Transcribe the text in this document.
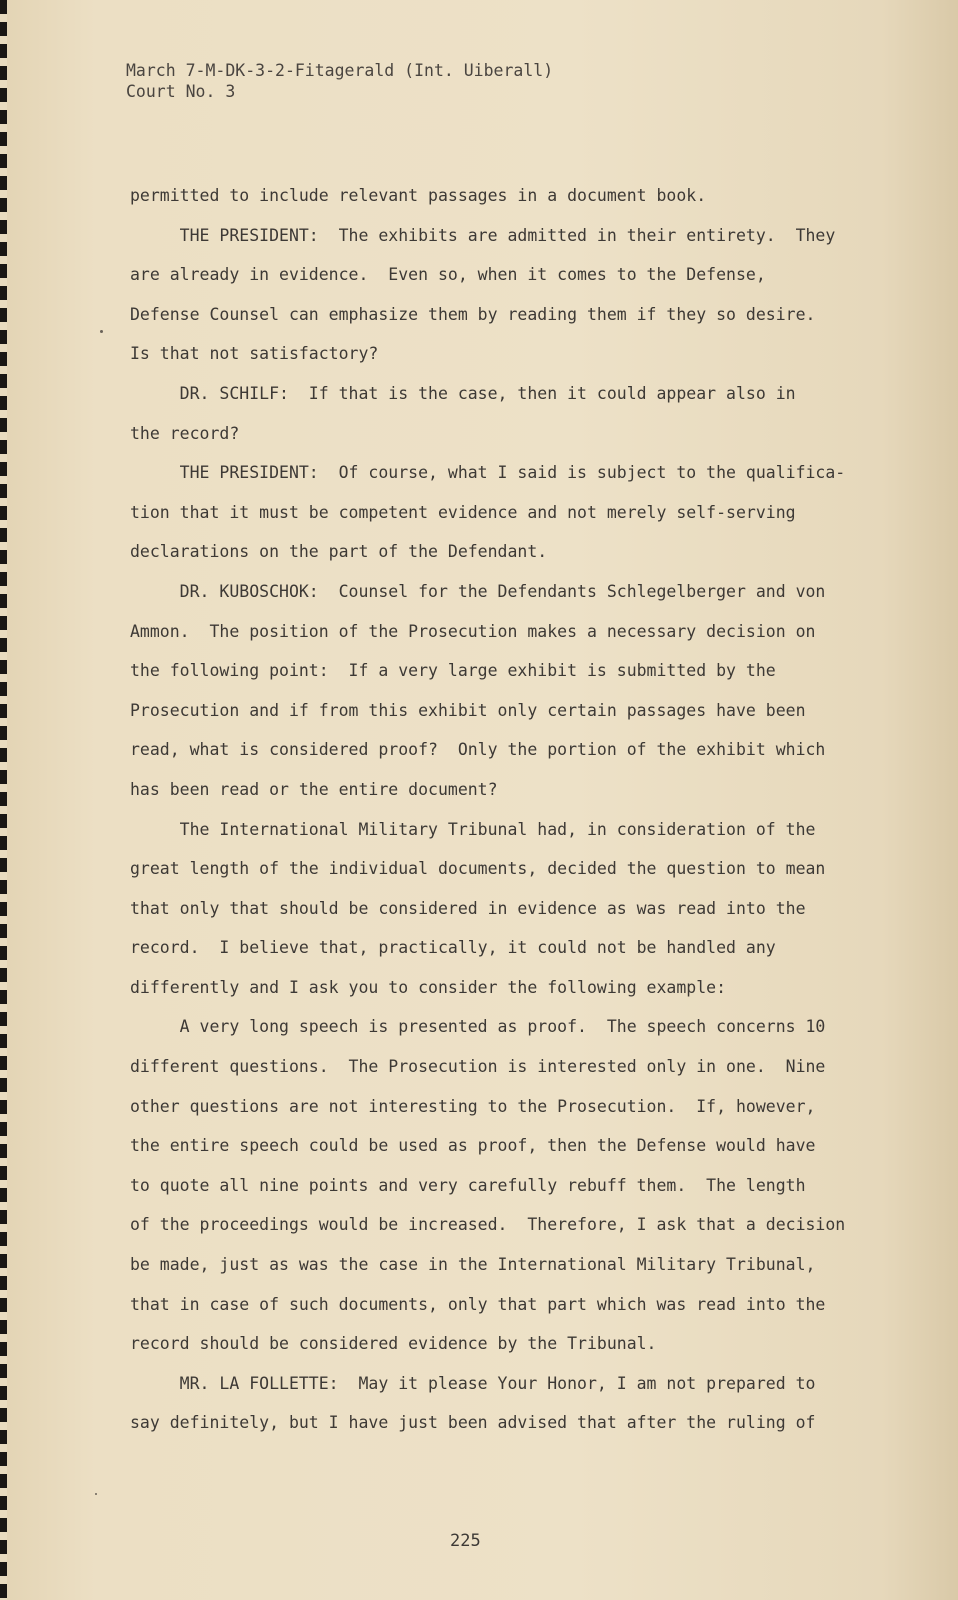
March 7-M-DK-3-2-Fitagerald (Int. Uiberall)
Court No. 3
permitted to include relevant passages in a document book.
THE PRESIDENT:  The exhibits are admitted in their entirety.  They
are already in evidence.  Even so, when it comes to the Defense,
Defense Counsel can emphasize them by reading them if they so desire.
Is that not satisfactory?
DR. SCHILF:  If that is the case, then it could appear also in
the record?
THE PRESIDENT:  Of course, what I said is subject to the qualifica-
tion that it must be competent evidence and not merely self-serving
declarations on the part of the Defendant.
DR. KUBOSCHOK:  Counsel for the Defendants Schlegelberger and von
Ammon.  The position of the Prosecution makes a necessary decision on
the following point:  If a very large exhibit is submitted by the
Prosecution and if from this exhibit only certain passages have been
read, what is considered proof?  Only the portion of the exhibit which
has been read or the entire document?
The International Military Tribunal had, in consideration of the
great length of the individual documents, decided the question to mean
that only that should be considered in evidence as was read into the
record.  I believe that, practically, it could not be handled any
differently and I ask you to consider the following example:
A very long speech is presented as proof.  The speech concerns 10
different questions.  The Prosecution is interested only in one.  Nine
other questions are not interesting to the Prosecution.  If, however,
the entire speech could be used as proof, then the Defense would have
to quote all nine points and very carefully rebuff them.  The length
of the proceedings would be increased.  Therefore, I ask that a decision
be made, just as was the case in the International Military Tribunal,
that in case of such documents, only that part which was read into the
record should be considered evidence by the Tribunal.
MR. LA FOLLETTE:  May it please Your Honor, I am not prepared to
say definitely, but I have just been advised that after the ruling of
225
